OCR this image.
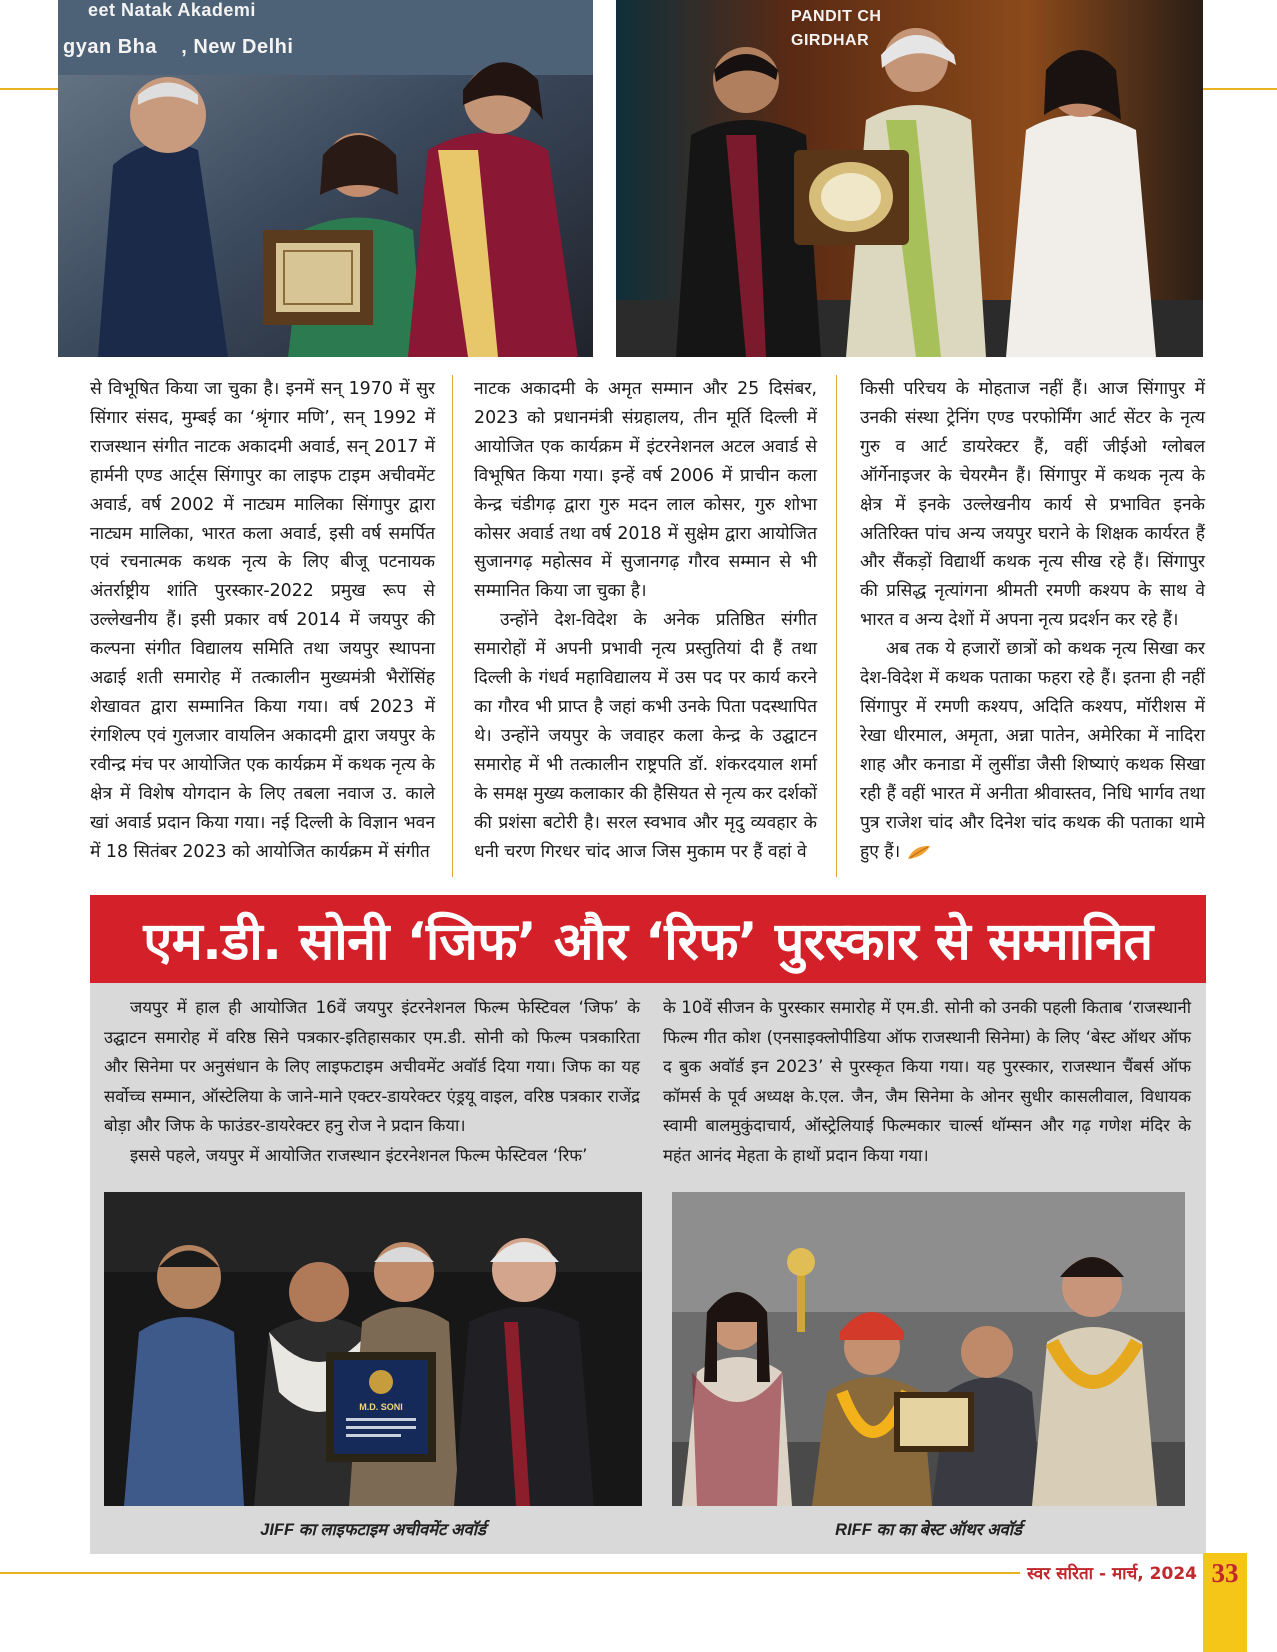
eet Natak Akademi
gyan Bhа    , New Delhi
PANDIT CH
GIRDHAR

से विभूषित किया जा चुका है। इनमें सन् 1970 में सुर सिंगार संसद, मुम्बई का ‘श्रृंगार मणि’, सन् 1992 में राजस्थान संगीत नाटक अकादमी अवार्ड, सन् 2017 में हार्मनी एण्ड आर्ट्स सिंगापुर का लाइफ टाइम अचीवमेंट अवार्ड, वर्ष 2002 में नाट्यम मालिका सिंगापुर द्वारा नाट्यम मालिका, भारत कला अवार्ड, इसी वर्ष समर्पित एवं रचनात्मक कथक नृत्य के लिए बीजू पटनायक अंतर्राष्ट्रीय शांति पुरस्कार-2022 प्रमुख रूप से उल्लेखनीय हैं। इसी प्रकार वर्ष 2014 में जयपुर की कल्पना संगीत विद्यालय समिति तथा जयपुर स्थापना अढाई शती समारोह में तत्कालीन मुख्यमंत्री भैरोंसिंह शेखावत द्वारा सम्मानित किया गया। वर्ष 2023 में रंगशिल्प एवं गुलजार वायलिन अकादमी द्वारा जयपुर के रवीन्द्र मंच पर आयोजित एक कार्यक्रम में कथक नृत्य के क्षेत्र में विशेष योगदान के लिए तबला नवाज उ. काले खां अवार्ड प्रदान किया गया। नई दिल्ली के विज्ञान भवन में 18 सितंबर 2023 को आयोजित कार्यक्रम में संगीत

नाटक अकादमी के अमृत सम्मान और 25 दिसंबर, 2023 को प्रधानमंत्री संग्रहालय, तीन मूर्ति दिल्ली में आयोजित एक कार्यक्रम में इंटरनेशनल अटल अवार्ड से विभूषित किया गया। इन्हें वर्ष 2006 में प्राचीन कला केन्द्र चंडीगढ़ द्वारा गुरु मदन लाल कोसर, गुरु शोभा कोसर अवार्ड तथा वर्ष 2018 में सुक्षेम द्वारा आयोजित सुजानगढ़ महोत्सव में सुजानगढ़ गौरव सम्मान से भी सम्मानित किया जा चुका है।

उन्होंने देश-विदेश के अनेक प्रतिष्ठित संगीत समारोहों में अपनी प्रभावी नृत्य प्रस्तुतियां दी हैं तथा दिल्ली के गंधर्व महाविद्यालय में उस पद पर कार्य करने का गौरव भी प्राप्त है जहां कभी उनके पिता पदस्थापित थे। उन्होंने जयपुर के जवाहर कला केन्द्र के उद्घाटन समारोह में भी तत्कालीन राष्ट्रपति डॉ. शंकरदयाल शर्मा के समक्ष मुख्य कलाकार की हैसियत से नृत्य कर दर्शकों की प्रशंसा बटोरी है। सरल स्वभाव और मृदु व्यवहार के धनी चरण गिरधर चांद आज जिस मुकाम पर हैं वहां वे

किसी परिचय के मोहताज नहीं हैं। आज सिंगापुर में उनकी संस्था ट्रेनिंग एण्ड परफोर्मिंग आर्ट सेंटर के नृत्य गुरु व आर्ट डायरेक्टर हैं, वहीं जीईओ ग्लोबल ऑर्गेनाइजर के चेयरमैन हैं। सिंगापुर में कथक नृत्य के क्षेत्र में इनके उल्लेखनीय कार्य से प्रभावित इनके अतिरिक्त पांच अन्य जयपुर घराने के शिक्षक कार्यरत हैं और सैंकड़ों विद्यार्थी कथक नृत्य सीख रहे हैं। सिंगापुर की प्रसिद्ध नृत्यांगना श्रीमती रमणी कश्यप के साथ वे भारत व अन्य देशों में अपना नृत्य प्रदर्शन कर रहे हैं।

अब तक ये हजारों छात्रों को कथक नृत्य सिखा कर देश-विदेश में कथक पताका फहरा रहे हैं। इतना ही नहीं सिंगापुर में रमणी कश्यप, अदिति कश्यप, मॉरीशस में रेखा धीरमाल, अमृता, अन्ना पातेन, अमेरिका में नादिरा शाह और कनाडा में लुसींडा जैसी शिष्याएं कथक सिखा रही हैं वहीं भारत में अनीता श्रीवास्तव, निधि भार्गव तथा पुत्र राजेश चांद और दिनेश चांद कथक की पताका थामे हुए हैं।

एम.डी. सोनी ‘जिफ’ और ‘रिफ’ पुरस्कार से सम्मानित

जयपुर में हाल ही आयोजित 16वें जयपुर इंटरनेशनल फिल्म फेस्टिवल ‘जिफ’ के उद्घाटन समारोह में वरिष्ठ सिने पत्रकार-इतिहासकार एम.डी. सोनी को फिल्म पत्रकारिता और सिनेमा पर अनुसंधान के लिए लाइफटाइम अचीवमेंट अवॉर्ड दिया गया। जिफ का यह सर्वोच्च सम्मान, ऑस्टेलिया के जाने-माने एक्टर-डायरेक्टर एंड्रयू वाइल, वरिष्ठ पत्रकार राजेंद्र बोड़ा और जिफ के फाउंडर-डायरेक्टर हनु रोज ने प्रदान किया।

इससे पहले, जयपुर में आयोजित राजस्थान इंटरनेशनल फिल्म फेस्टिवल ‘रिफ’

के 10वें सीजन के पुरस्कार समारोह में एम.डी. सोनी को उनकी पहली किताब ‘राजस्थानी फिल्म गीत कोश (एनसाइक्लोपीडिया ऑफ राजस्थानी सिनेमा) के लिए ‘बेस्ट ऑथर ऑफ द बुक अवॉर्ड इन 2023’ से पुरस्कृत किया गया। यह पुरस्कार, राजस्थान चैंबर्स ऑफ कॉमर्स के पूर्व अध्यक्ष के.एल. जैन, जैम सिनेमा के ओनर सुधीर कासलीवाल, विधायक स्वामी बालमुकुंदाचार्य, ऑस्ट्रेलियाई फिल्मकार चार्ल्स थॉम्सन और गढ़ गणेश मंदिर के महंत आनंद मेहता के हाथों प्रदान किया गया।

M.D. SONI
JIFF का लाइफटाइम अचीवमेंट अवॉर्ड	RIFF का का बेस्ट ऑथर अवॉर्ड
स्वर सरिता - मार्च, 2024 33
